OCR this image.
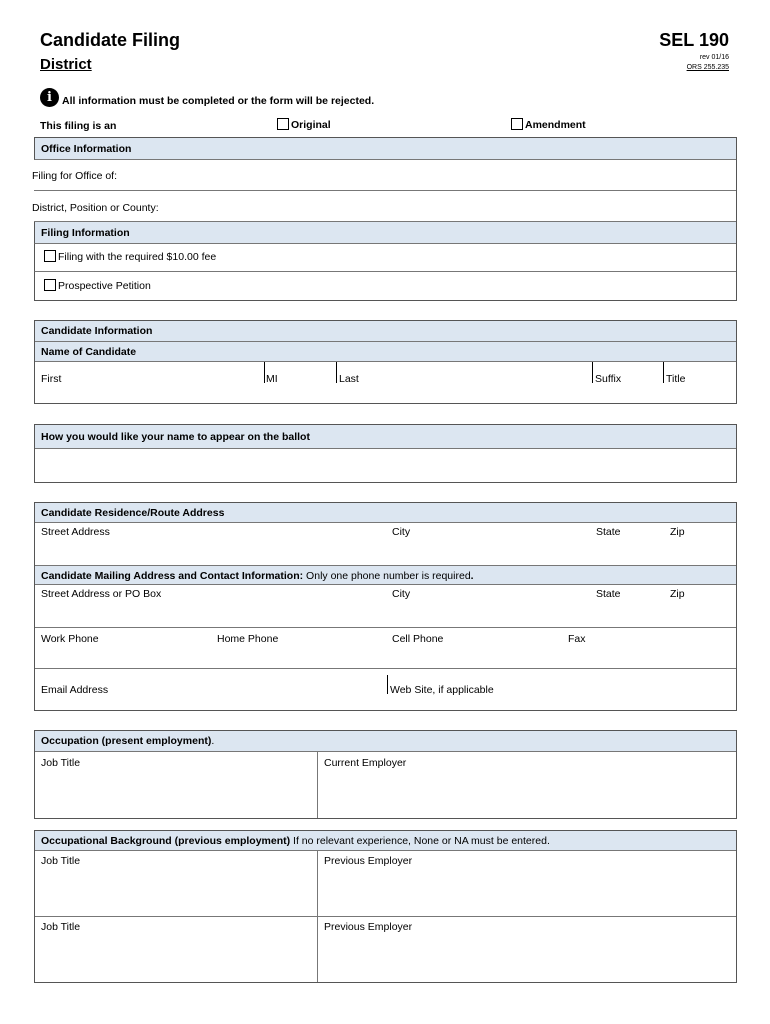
Candidate Filing
District
SEL 190
rev 01/16
ORS 255.235
i All information must be completed or the form will be rejected.
This filing is an	Original	Amendment
Office Information
Filing for Office of:
District, Position or County:
Filing Information
Filing with the required $10.00 fee
Prospective Petition
Candidate Information
Name of Candidate
First	MI	Last	Suffix	Title
How you would like your name to appear on the ballot
Candidate Residence/Route Address
Street Address	City	State	Zip
Candidate Mailing Address and Contact Information: Only one phone number is required.
Street Address or PO Box	City	State	Zip
Work Phone	Home Phone	Cell Phone	Fax
Email Address	Web Site, if applicable
Occupation (present employment).
Job Title	Current Employer
Occupational Background (previous employment) If no relevant experience, None or NA must be entered.
Job Title	Previous Employer
Job Title	Previous Employer
